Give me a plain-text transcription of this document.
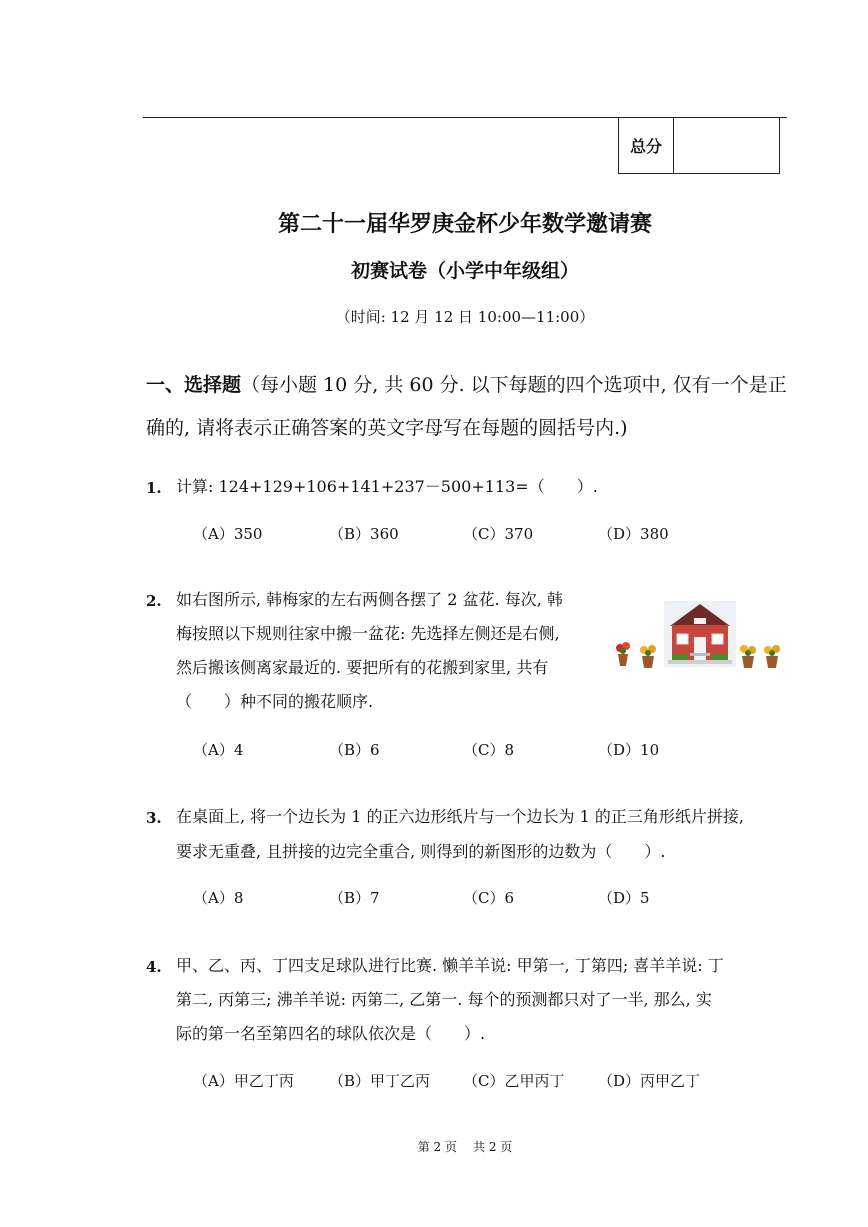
总分
第二十一届华罗庚金杯少年数学邀请赛
初赛试卷（小学中年级组）
（时间: 12 月 12 日 10:00—11:00）
一、选择题（每小题 10 分, 共 60 分. 以下每题的四个选项中, 仅有一个是正确的, 请将表示正确答案的英文字母写在每题的圆括号内.)
1. 计算: 124+129+106+141+237－500+113=（　　）.
（A）350	（B）360	（C）370	（D）380
2. 如右图所示, 韩梅家的左右两侧各摆了 2 盆花. 每次, 韩
梅按照以下规则往家中搬一盆花: 先选择左侧还是右侧,
然后搬该侧离家最近的. 要把所有的花搬到家里, 共有
（　　）种不同的搬花顺序.
（A）4	（B）6	（C）8	（D）10
3. 在桌面上, 将一个边长为 1 的正六边形纸片与一个边长为 1 的正三角形纸片拼接,
要求无重叠, 且拼接的边完全重合, 则得到的新图形的边数为（　　）.
（A）8	（B）7	（C）6	（D）5
4. 甲、乙、丙、丁四支足球队进行比赛. 懒羊羊说: 甲第一, 丁第四; 喜羊羊说: 丁
第二, 丙第三; 沸羊羊说: 丙第二, 乙第一. 每个的预测都只对了一半, 那么, 实
际的第一名至第四名的球队依次是（　　）.
（A）甲乙丁丙 （B）甲丁乙丙 （C）乙甲丙丁 （D）丙甲乙丁
第 2 页 共 2 页
